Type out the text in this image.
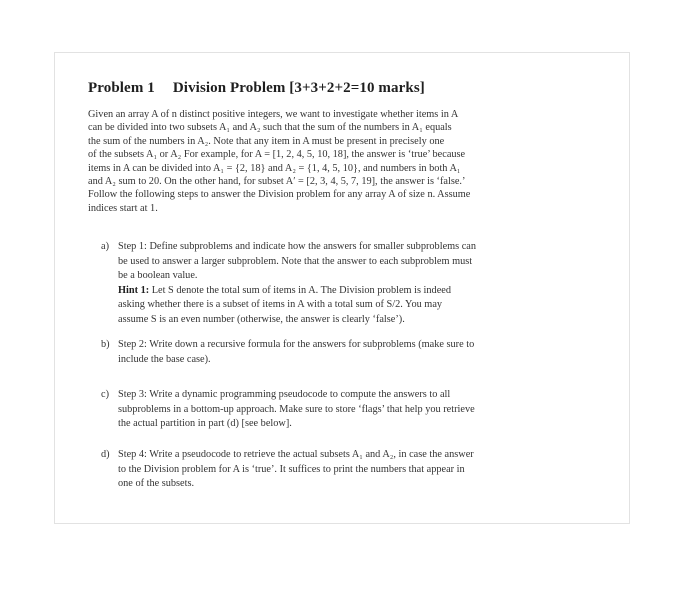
Problem 1 Division Problem [3+3+2+2=10 marks]
Given an array A of n distinct positive integers, we want to investigate whether items in A
can be divided into two subsets A₁ and A₂ such that the sum of the numbers in A₁ equals
the sum of the numbers in A₂. Note that any item in A must be present in precisely one
of the subsets A₁ or A₂ For example, for A = [1, 2, 4, 5, 10, 18], the answer is ‘true’ because
items in A can be divided into A₁ = {2, 18} and A₂ = {1, 4, 5, 10}, and numbers in both A₁
and A₂ sum to 20. On the other hand, for subset A′ = [2, 3, 4, 5, 7, 19], the answer is ‘false.’
Follow the following steps to answer the Division problem for any array A of size n. Assume
indices start at 1.
a) Step 1: Define subproblems and indicate how the answers for smaller subproblems can
be used to answer a larger subproblem. Note that the answer to each subproblem must
be a boolean value.
Hint 1: Let S denote the total sum of items in A. The Division problem is indeed
asking whether there is a subset of items in A with a total sum of S/2. You may
assume S is an even number (otherwise, the answer is clearly ‘false’).
b) Step 2: Write down a recursive formula for the answers for subproblems (make sure to
include the base case).
c) Step 3: Write a dynamic programming pseudocode to compute the answers to all
subproblems in a bottom-up approach. Make sure to store ‘flags’ that help you retrieve
the actual partition in part (d) [see below].
d) Step 4: Write a pseudocode to retrieve the actual subsets A₁ and A₂, in case the answer
to the Division problem for A is ‘true’. It suffices to print the numbers that appear in
one of the subsets.
